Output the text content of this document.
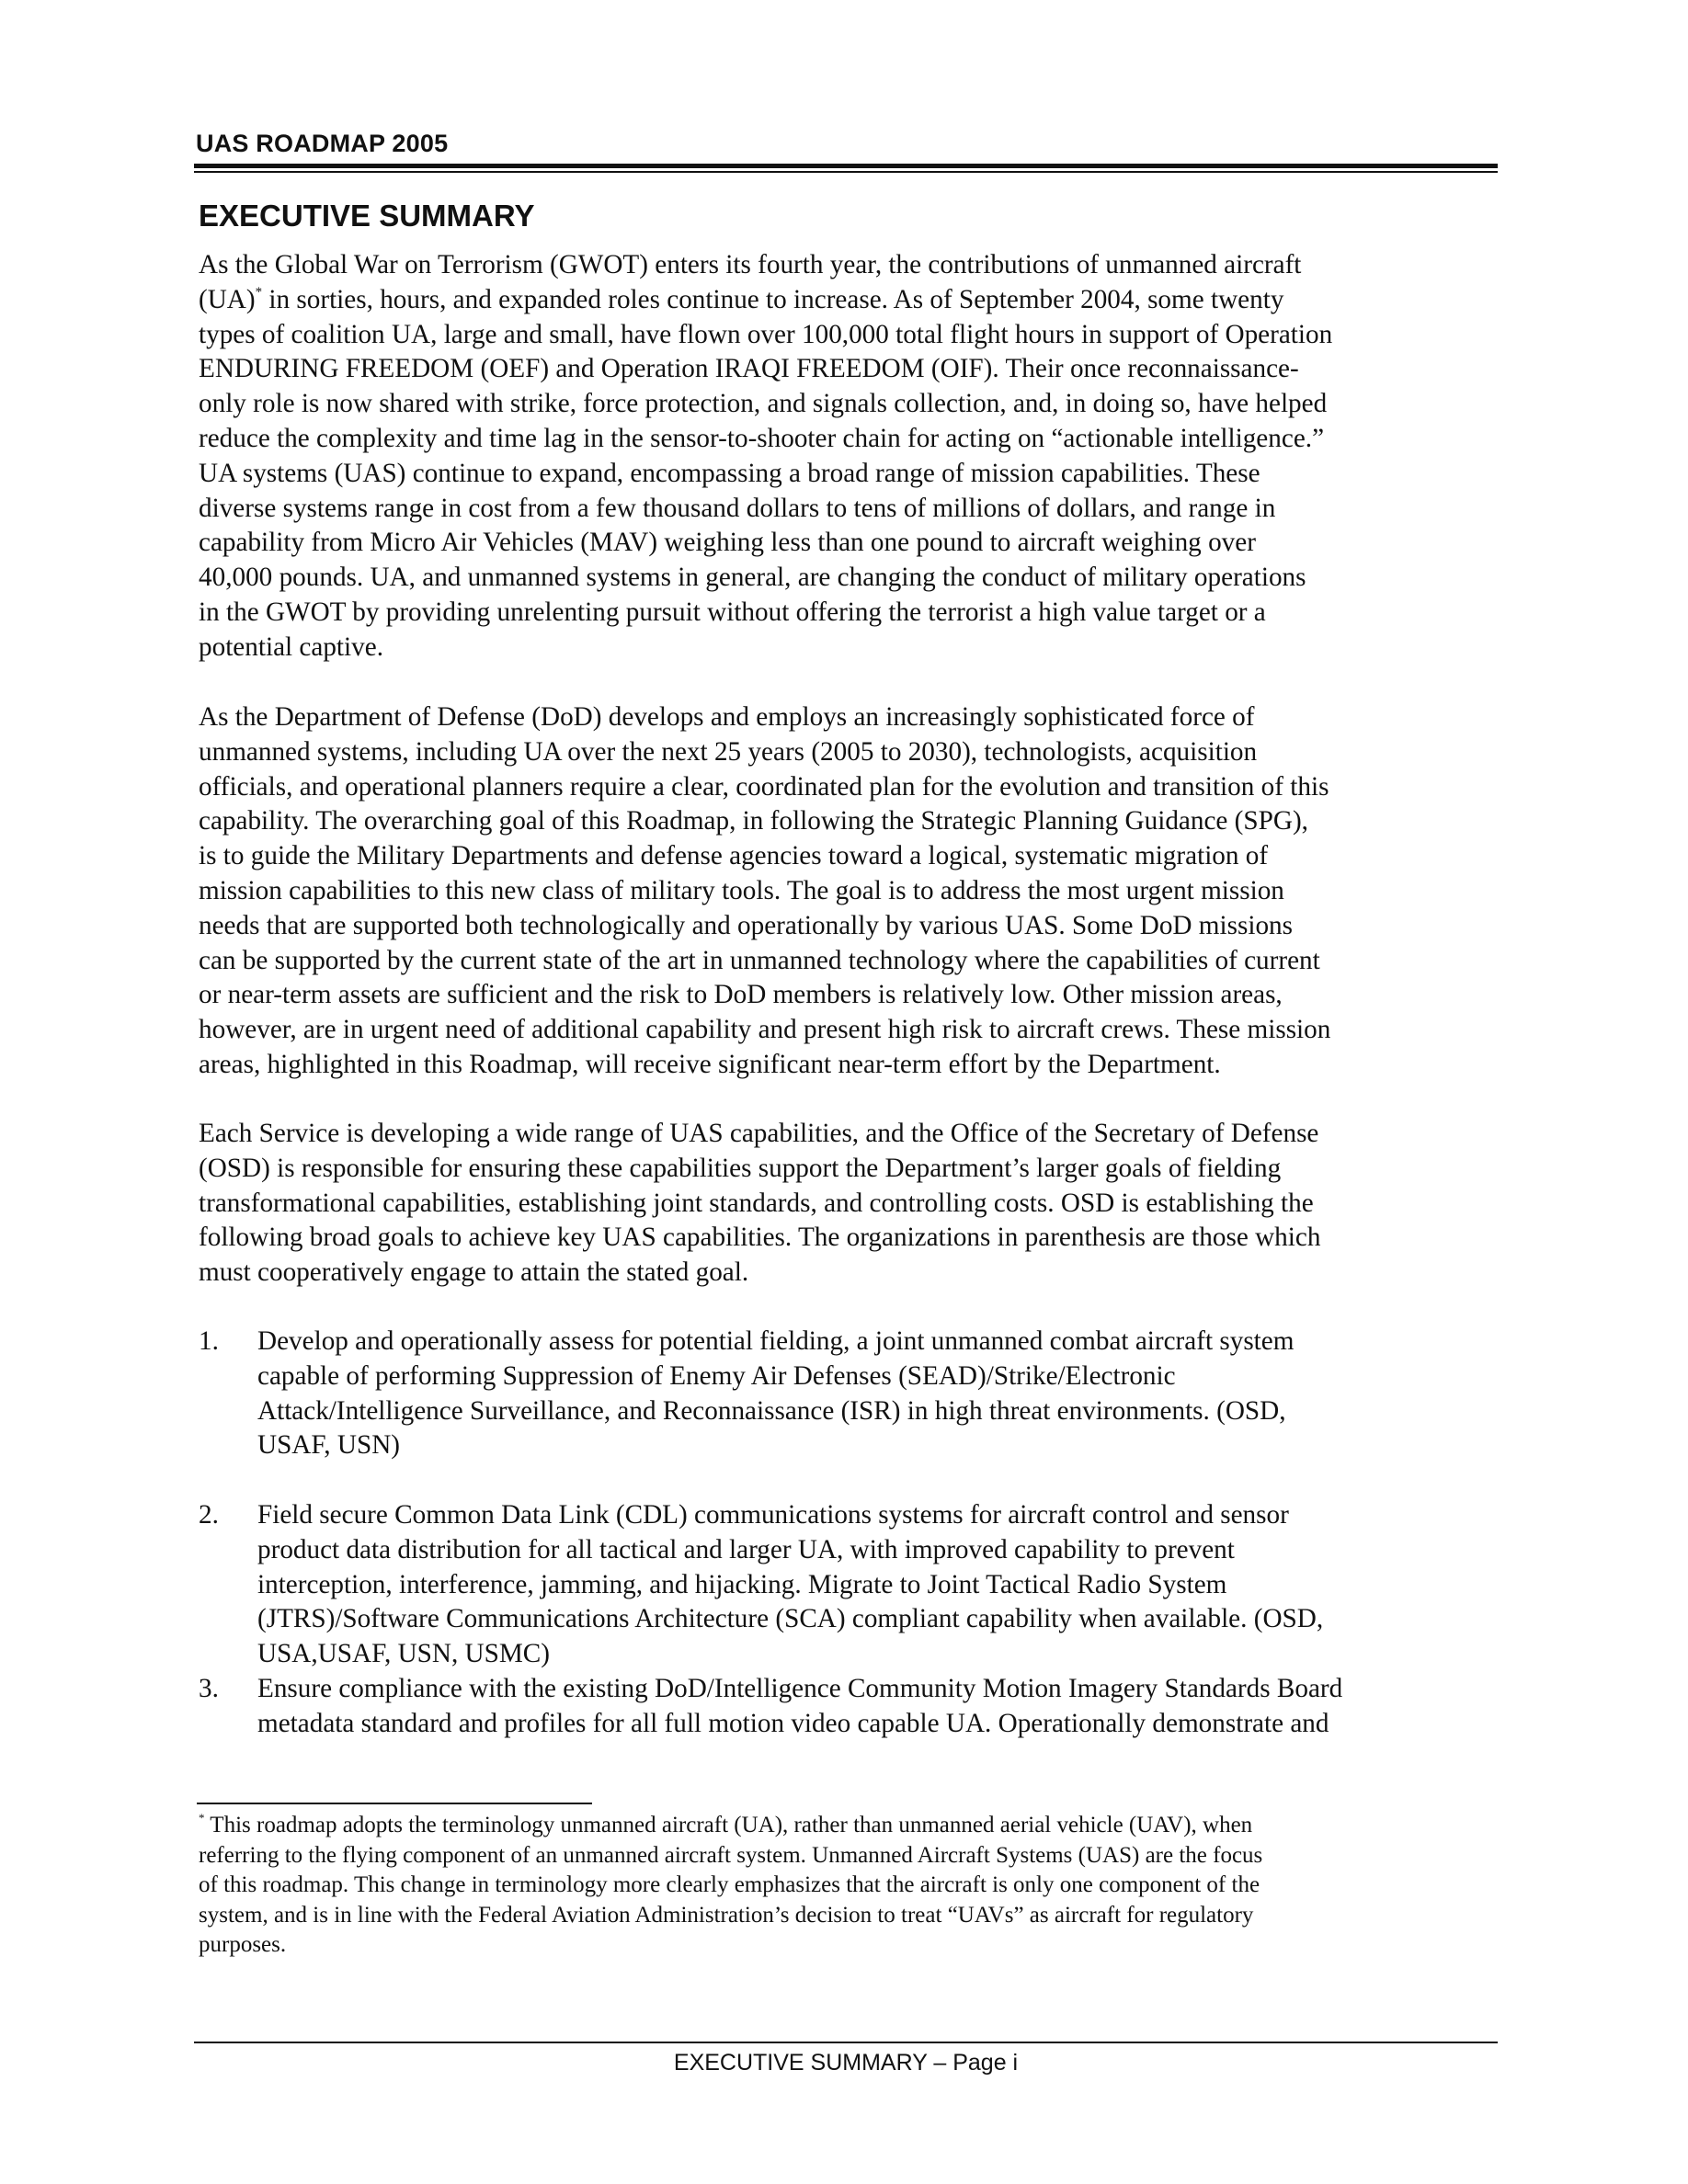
UAS ROADMAP 2005
EXECUTIVE SUMMARY

As the Global War on Terrorism (GWOT) enters its fourth year, the contributions of unmanned aircraft
(UA)* in sorties, hours, and expanded roles continue to increase. As of September 2004, some twenty
types of coalition UA, large and small, have flown over 100,000 total flight hours in support of Operation
ENDURING FREEDOM (OEF) and Operation IRAQI FREEDOM (OIF). Their once reconnaissance-
only role is now shared with strike, force protection, and signals collection, and, in doing so, have helped
reduce the complexity and time lag in the sensor-to-shooter chain for acting on “actionable intelligence.”
UA systems (UAS) continue to expand, encompassing a broad range of mission capabilities. These
diverse systems range in cost from a few thousand dollars to tens of millions of dollars, and range in
capability from Micro Air Vehicles (MAV) weighing less than one pound to aircraft weighing over
40,000 pounds. UA, and unmanned systems in general, are changing the conduct of military operations
in the GWOT by providing unrelenting pursuit without offering the terrorist a high value target or a
potential captive.

As the Department of Defense (DoD) develops and employs an increasingly sophisticated force of
unmanned systems, including UA over the next 25 years (2005 to 2030), technologists, acquisition
officials, and operational planners require a clear, coordinated plan for the evolution and transition of this
capability. The overarching goal of this Roadmap, in following the Strategic Planning Guidance (SPG),
is to guide the Military Departments and defense agencies toward a logical, systematic migration of
mission capabilities to this new class of military tools. The goal is to address the most urgent mission
needs that are supported both technologically and operationally by various UAS. Some DoD missions
can be supported by the current state of the art in unmanned technology where the capabilities of current
or near-term assets are sufficient and the risk to DoD members is relatively low. Other mission areas,
however, are in urgent need of additional capability and present high risk to aircraft crews. These mission
areas, highlighted in this Roadmap, will receive significant near-term effort by the Department.

Each Service is developing a wide range of UAS capabilities, and the Office of the Secretary of Defense
(OSD) is responsible for ensuring these capabilities support the Department’s larger goals of fielding
transformational capabilities, establishing joint standards, and controlling costs. OSD is establishing the
following broad goals to achieve key UAS capabilities. The organizations in parenthesis are those which
must cooperatively engage to attain the stated goal.

1. Develop and operationally assess for potential fielding, a joint unmanned combat aircraft system
capable of performing Suppression of Enemy Air Defenses (SEAD)/Strike/Electronic
Attack/Intelligence Surveillance, and Reconnaissance (ISR) in high threat environments. (OSD,
USAF, USN)
2. Field secure Common Data Link (CDL) communications systems for aircraft control and sensor
product data distribution for all tactical and larger UA, with improved capability to prevent
interception, interference, jamming, and hijacking. Migrate to Joint Tactical Radio System
(JTRS)/Software Communications Architecture (SCA) compliant capability when available. (OSD,
USA,USAF, USN, USMC)
3. Ensure compliance with the existing DoD/Intelligence Community Motion Imagery Standards Board
metadata standard and profiles for all full motion video capable UA. Operationally demonstrate and

* This roadmap adopts the terminology unmanned aircraft (UA), rather than unmanned aerial vehicle (UAV), when
referring to the flying component of an unmanned aircraft system. Unmanned Aircraft Systems (UAS) are the focus
of this roadmap. This change in terminology more clearly emphasizes that the aircraft is only one component of the
system, and is in line with the Federal Aviation Administration’s decision to treat “UAVs” as aircraft for regulatory
purposes.

EXECUTIVE SUMMARY – Page i
